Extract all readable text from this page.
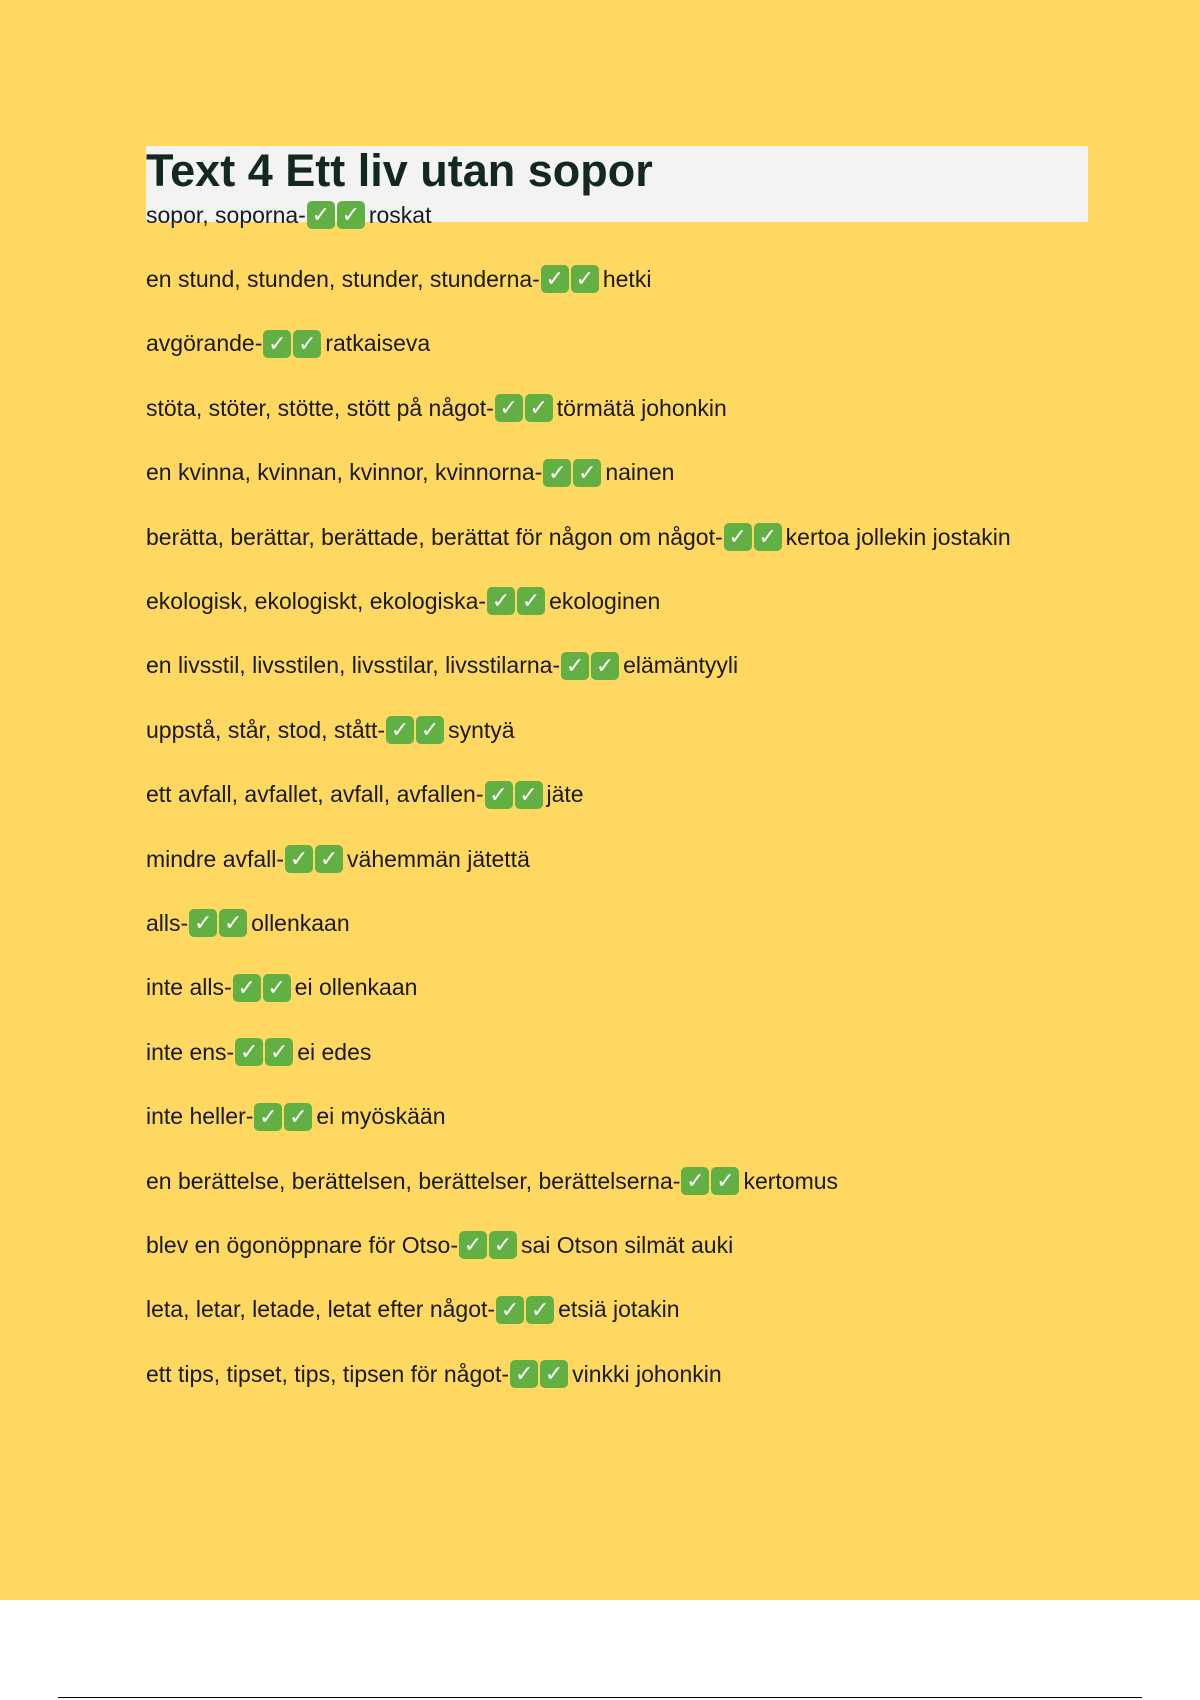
Text 4 Ett liv utan sopor
sopor, soporna- ✓ ✓ roskat
en stund, stunden, stunder, stunderna- ✓ ✓ hetki
avgörande- ✓ ✓ ratkaiseva
stöta, stöter, stötte, stött på något- ✓ ✓ törmätä johonkin
en kvinna, kvinnan, kvinnor, kvinnorna- ✓ ✓ nainen
berätta, berättar, berättade, berättat för någon om något- ✓ ✓ kertoa jollekin jostakin
ekologisk, ekologiskt, ekologiska- ✓ ✓ ekologinen
en livsstil, livsstilen, livsstilar, livsstilarna- ✓ ✓ elämäntyyli
uppstå, står, stod, stått- ✓ ✓ syntyä
ett avfall, avfallet, avfall, avfallen- ✓ ✓ jäte
mindre avfall- ✓ ✓ vähemmän jätettä
alls- ✓ ✓ ollenkaan
inte alls- ✓ ✓ ei ollenkaan
inte ens- ✓ ✓ ei edes
inte heller- ✓ ✓ ei myöskään
en berättelse, berättelsen, berättelser, berättelserna- ✓ ✓ kertomus
blev en ögonöppnare för Otso- ✓ ✓ sai Otson silmät auki
leta, letar, letade, letat efter något- ✓ ✓ etsiä jotakin
ett tips, tipset, tips, tipsen för något- ✓ ✓ vinkki johonkin
